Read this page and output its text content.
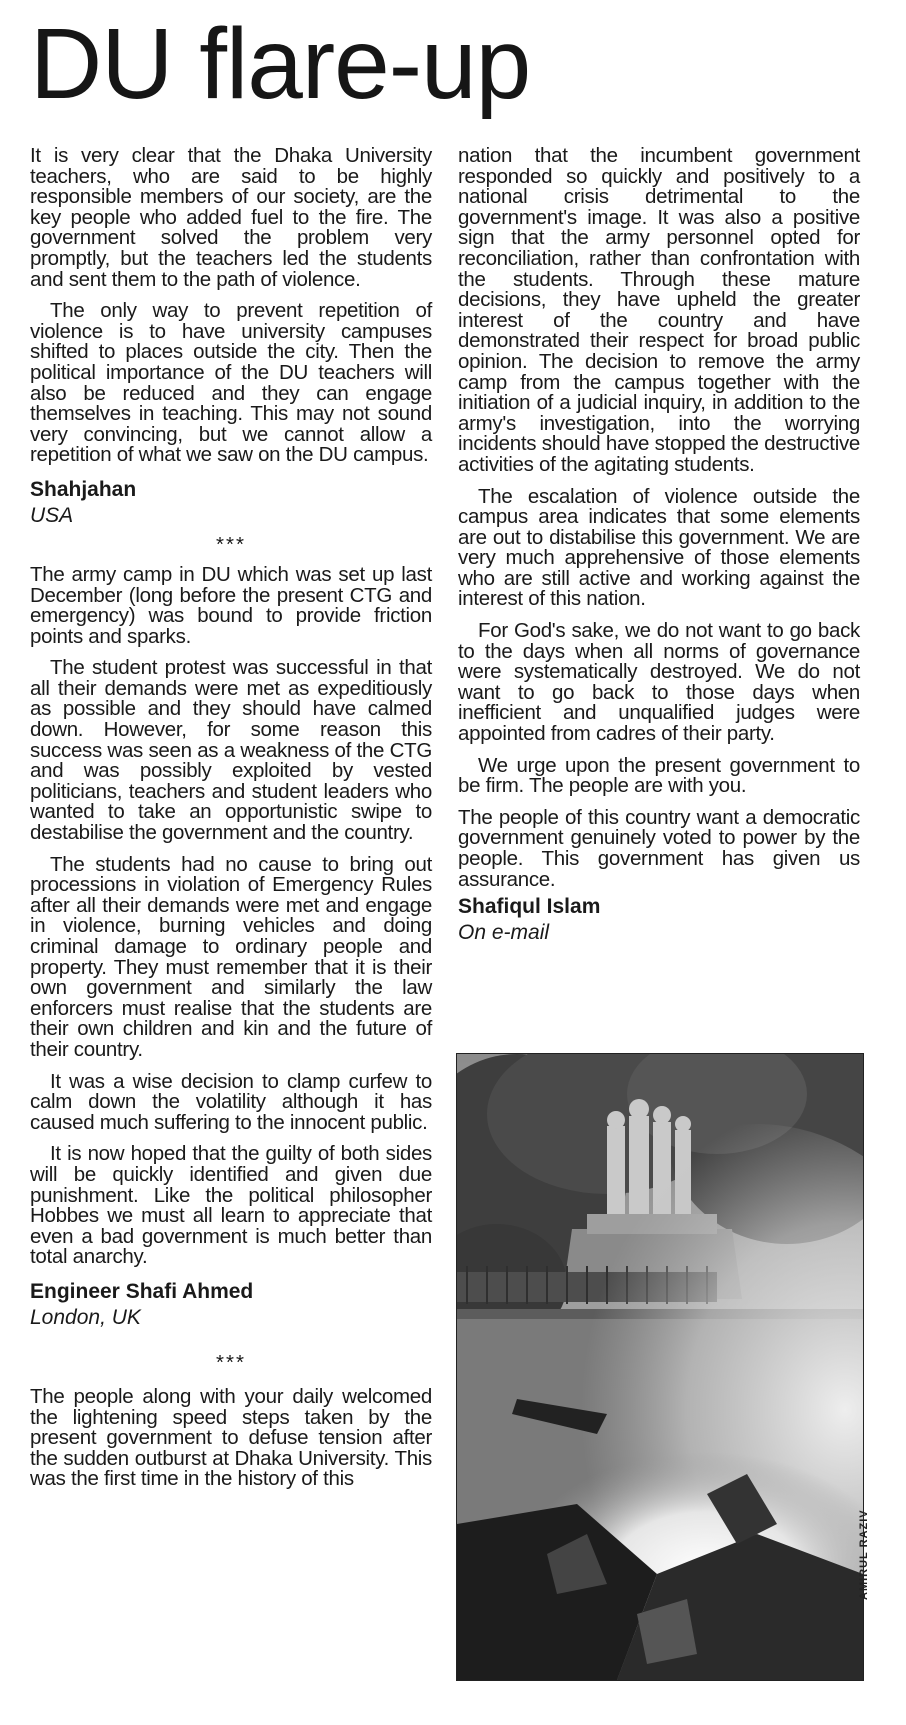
DU flare-up

It is very clear that the Dhaka University teachers, who are said to be highly responsible members of our society, are the key people who added fuel to the fire. The government solved the problem very promptly, but the teachers led the students and sent them to the path of violence.

The only way to prevent repetition of violence is to have university campuses shifted to places outside the city. Then the political importance of the DU teachers will also be reduced and they can engage themselves in teaching. This may not sound very convincing, but we cannot allow a repetition of what we saw on the DU campus.

Shahjahan
USA
***

The army camp in DU which was set up last December (long before the present CTG and emergency) was bound to provide friction points and sparks.

The student protest was successful in that all their demands were met as expeditiously as possible and they should have calmed down. However, for some reason this success was seen as a weakness of the CTG and was possibly exploited by vested politicians, teachers and student leaders who wanted to take an opportunistic swipe to destabilise the government and the country.

The students had no cause to bring out processions in violation of Emergency Rules after all their demands were met and engage in violence, burning vehicles and doing criminal damage to ordinary people and property. They must remember that it is their own government and similarly the law enforcers must realise that the students are their own children and kin and the future of their country.

It was a wise decision to clamp curfew to calm down the volatility although it has caused much suffering to the innocent public.

It is now hoped that the guilty of both sides will be quickly identified and given due punishment. Like the political philosopher Hobbes we must all learn to appreciate that even a bad government is much better than total anarchy.

Engineer Shafi Ahmed
London, UK
***

The people along with your daily welcomed the lightening speed steps taken by the present government to defuse tension after the sudden outburst at Dhaka University. This was the first time in the history of this

nation that the incumbent government responded so quickly and positively to a national crisis detrimental to the government's image. It was also a positive sign that the army personnel opted for reconciliation, rather than confrontation with the students. Through these mature decisions, they have upheld the greater interest of the country and have demonstrated their respect for broad public opinion. The decision to remove the army camp from the campus together with the initiation of a judicial inquiry, in addition to the army's investigation, into the worrying incidents should have stopped the destructive activities of the agitating students.

The escalation of violence outside the campus area indicates that some elements are out to distabilise this government. We are very much apprehensive of those elements who are still active and working against the interest of this nation.

For God's sake, we do not want to go back to the days when all norms of governance were systematically destroyed. We do not want to go back to those days when inefficient and unqualified judges were appointed from cadres of their party.

We urge upon the present government to be firm. The people are with you.

The people of this country want a democratic government genuinely voted to power by the people. This government has given us assurance.

Shafiqul Islam
On e-mail
AMIRUL RAZIV
